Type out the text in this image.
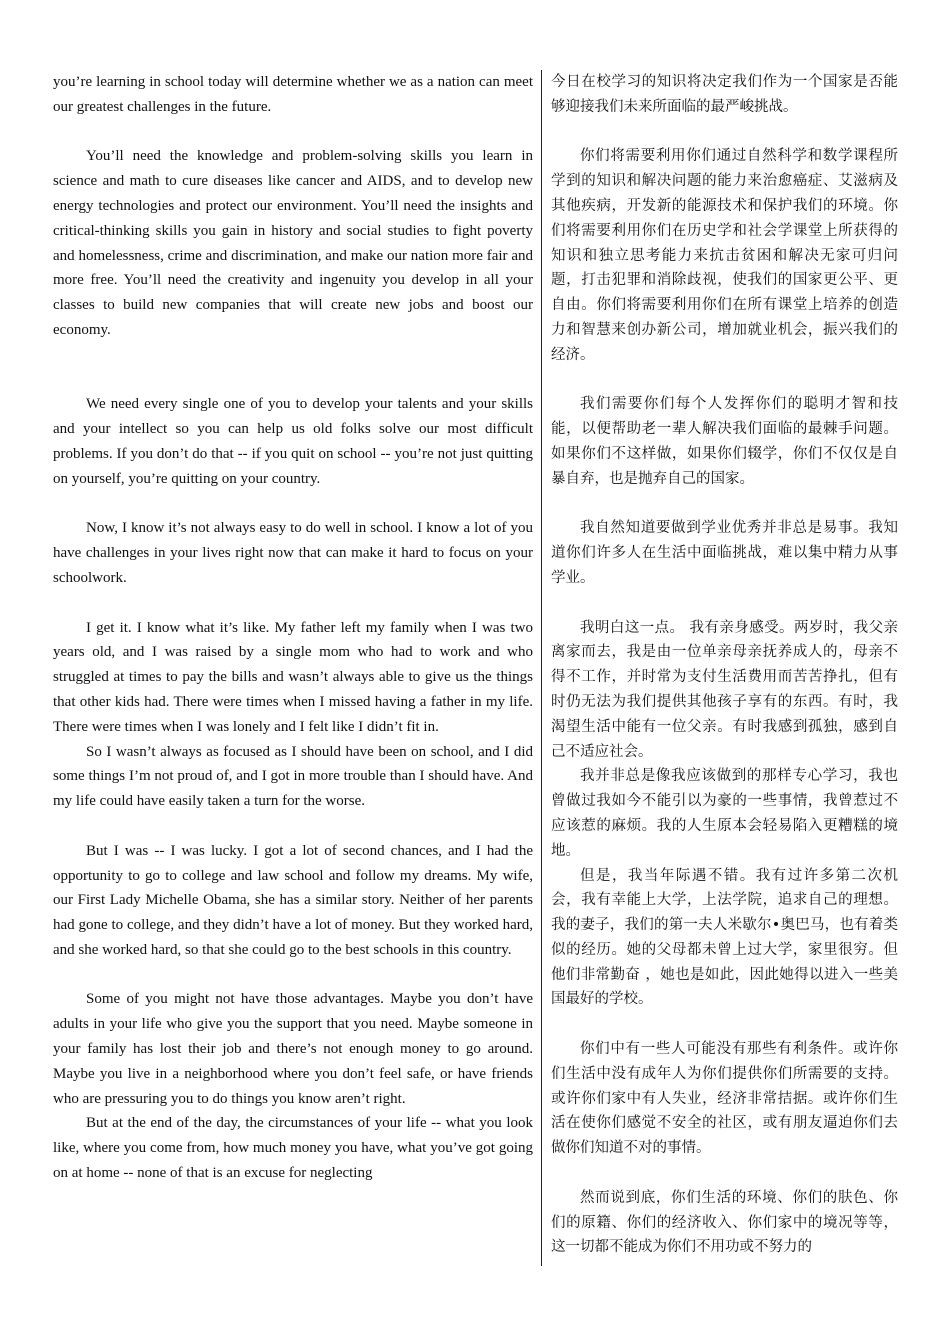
you’re learning in school today will determine whether we as a nation can meet our greatest challenges in the future.

You’ll need the knowledge and problem-solving skills you learn in science and math to cure diseases like cancer and AIDS, and to develop new energy technologies and protect our environment. You’ll need the insights and critical-thinking skills you gain in history and social studies to fight poverty and homelessness, crime and discrimination, and make our nation more fair and more free. You’ll need the creativity and ingenuity you develop in all your classes to build new companies that will create new jobs and boost our economy.

We need every single one of you to develop your talents and your skills and your intellect so you can help us old folks solve our most difficult problems. If you don’t do that -- if you quit on school -- you’re not just quitting on yourself, you’re quitting on your country.

Now, I know it’s not always easy to do well in school. I know a lot of you have challenges in your lives right now that can make it hard to focus on your schoolwork.

I get it. I know what it’s like. My father left my family when I was two years old, and I was raised by a single mom who had to work and who struggled at times to pay the bills and wasn’t always able to give us the things that other kids had. There were times when I missed having a father in my life. There were times when I was lonely and I felt like I didn’t fit in.

So I wasn’t always as focused as I should have been on school, and I did some things I’m not proud of, and I got in more trouble than I should have. And my life could have easily taken a turn for the worse.

But I was -- I was lucky. I got a lot of second chances, and I had the opportunity to go to college and law school and follow my dreams. My wife, our First Lady Michelle Obama, she has a similar story. Neither of her parents had gone to college, and they didn’t have a lot of money. But they worked hard, and she worked hard, so that she could go to the best schools in this country.

Some of you might not have those advantages. Maybe you don’t have adults in your life who give you the support that you need. Maybe someone in your family has lost their job and there’s not enough money to go around. Maybe you live in a neighborhood where you don’t feel safe, or have friends who are pressuring you to do things you know aren’t right.

But at the end of the day, the circumstances of your life -- what you look like, where you come from, how much money you have, what you’ve got going on at home -- none of that is an excuse for neglecting

今日在校学习的知识将决定我们作为一个国家是否能够迎接我们未来所面临的最严峻挑战。

你们将需要利用你们通过自然科学和数学课程所学到的知识和解决问题的能力来治愈癌症、艾滋病及其他疾病，开发新的能源技术和保护我们的环境。你们将需要利用你们在历史学和社会学课堂上所获得的知识和独立思考能力来抗击贫困和解决无家可归问题，打击犯罪和消除歧视，使我们的国家更公平、更自由。你们将需要利用你们在所有课堂上培养的创造力和智慧来创办新公司，增加就业机会，振兴我们的经济。

我们需要你们每个人发挥你们的聪明才智和技能，以便帮助老一辈人解决我们面临的最棘手问题。如果你们不这样做，如果你们辍学，你们不仅仅是自暴自弃，也是抛弃自己的国家。

我自然知道要做到学业优秀并非总是易事。我知道你们许多人在生活中面临挑战，难以集中精力从事学业。

我明白这一点。 我有亲身感受。两岁时，我父亲离家而去，我是由一位单亲母亲抚养成人的，母亲不得不工作，并时常为支付生活费用而苦苦挣扎，但有时仍无法为我们提供其他孩子享有的东西。有时，我渴望生活中能有一位父亲。有时我感到孤独，感到自己不适应社会。

我并非总是像我应该做到的那样专心学习，我也曾做过我如今不能引以为豪的一些事情，我曾惹过不应该惹的麻烦。我的人生原本会轻易陷入更糟糕的境地。

但是，我当年际遇不错。我有过许多第二次机会，我有幸能上大学，上法学院，追求自己的理想。我的妻子，我们的第一夫人米歇尔•奥巴马，也有着类似的经历。她的父母都未曾上过大学，家里很穷。但他们非常勤奋 ，她也是如此，因此她得以进入一些美国最好的学校。

你们中有一些人可能没有那些有利条件。或许你们生活中没有成年人为你们提供你们所需要的支持。或许你们家中有人失业，经济非常拮据。或许你们生活在使你们感觉不安全的社区，或有朋友逼迫你们去做你们知道不对的事情。

然而说到底，你们生活的环境、你们的肤色、你们的原籍、你们的经济收入、你们家中的境况等等，这一切都不能成为你们不用功或不努力的
